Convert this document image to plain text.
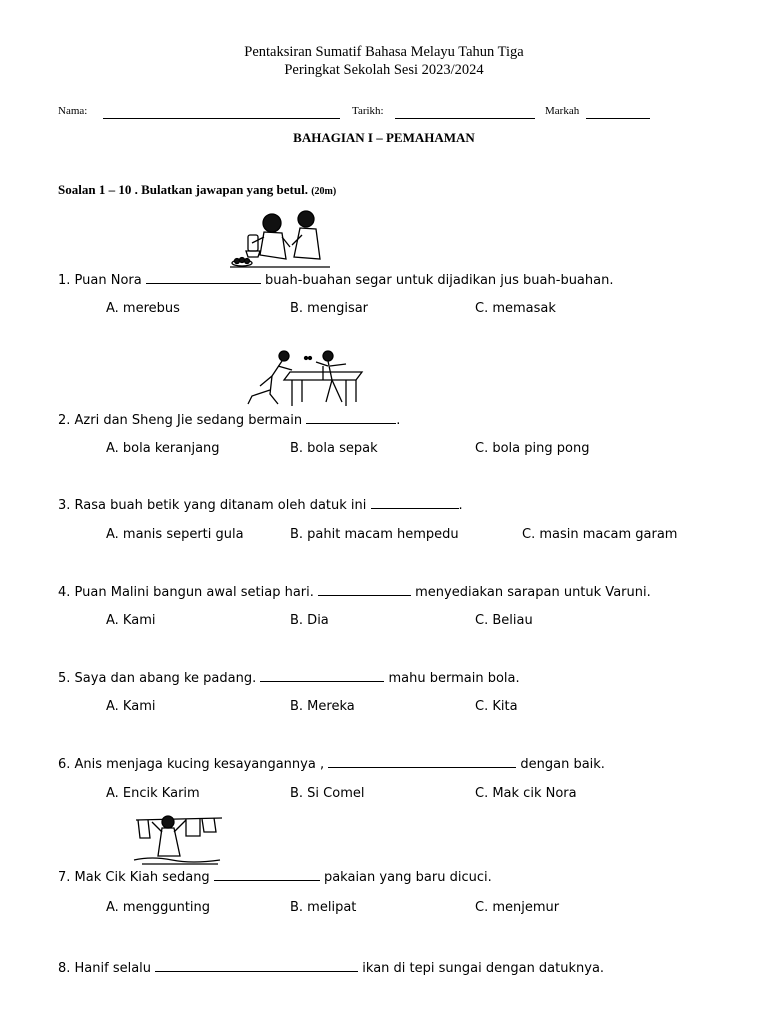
Pentaksiran Sumatif Bahasa Melayu Tahun Tiga
Peringkat Sekolah Sesi 2023/2024
Nama:	Tarikh:	Markah
BAHAGIAN I – PEMAHAMAN
Soalan 1 – 10 . Bulatkan jawapan yang betul. (20m)
1. Puan Nora	buah-buahan segar untuk dijadikan jus buah-buahan.
A. merebus	B. mengisar	C. memasak
2. Azri dan Sheng Jie sedang bermain	.
A. bola keranjang	B. bola sepak	C. bola ping pong
3. Rasa buah betik yang ditanam oleh datuk ini	.
A. manis seperti gula	B. pahit macam hempedu	C. masin macam garam
4. Puan Malini bangun awal setiap hari.	menyediakan sarapan untuk Varuni.
A. Kami	B. Dia	C. Beliau
5. Saya dan abang ke padang.	mahu bermain bola.
A. Kami	B. Mereka	C. Kita
6. Anis menjaga kucing kesayangannya ,	dengan baik.
A. Encik Karim	B. Si Comel	C. Mak cik Nora
7. Mak Cik Kiah sedang	pakaian yang baru dicuci.
A. menggunting	B. melipat	C. menjemur
8. Hanif selalu	ikan di tepi sungai dengan datuknya.
